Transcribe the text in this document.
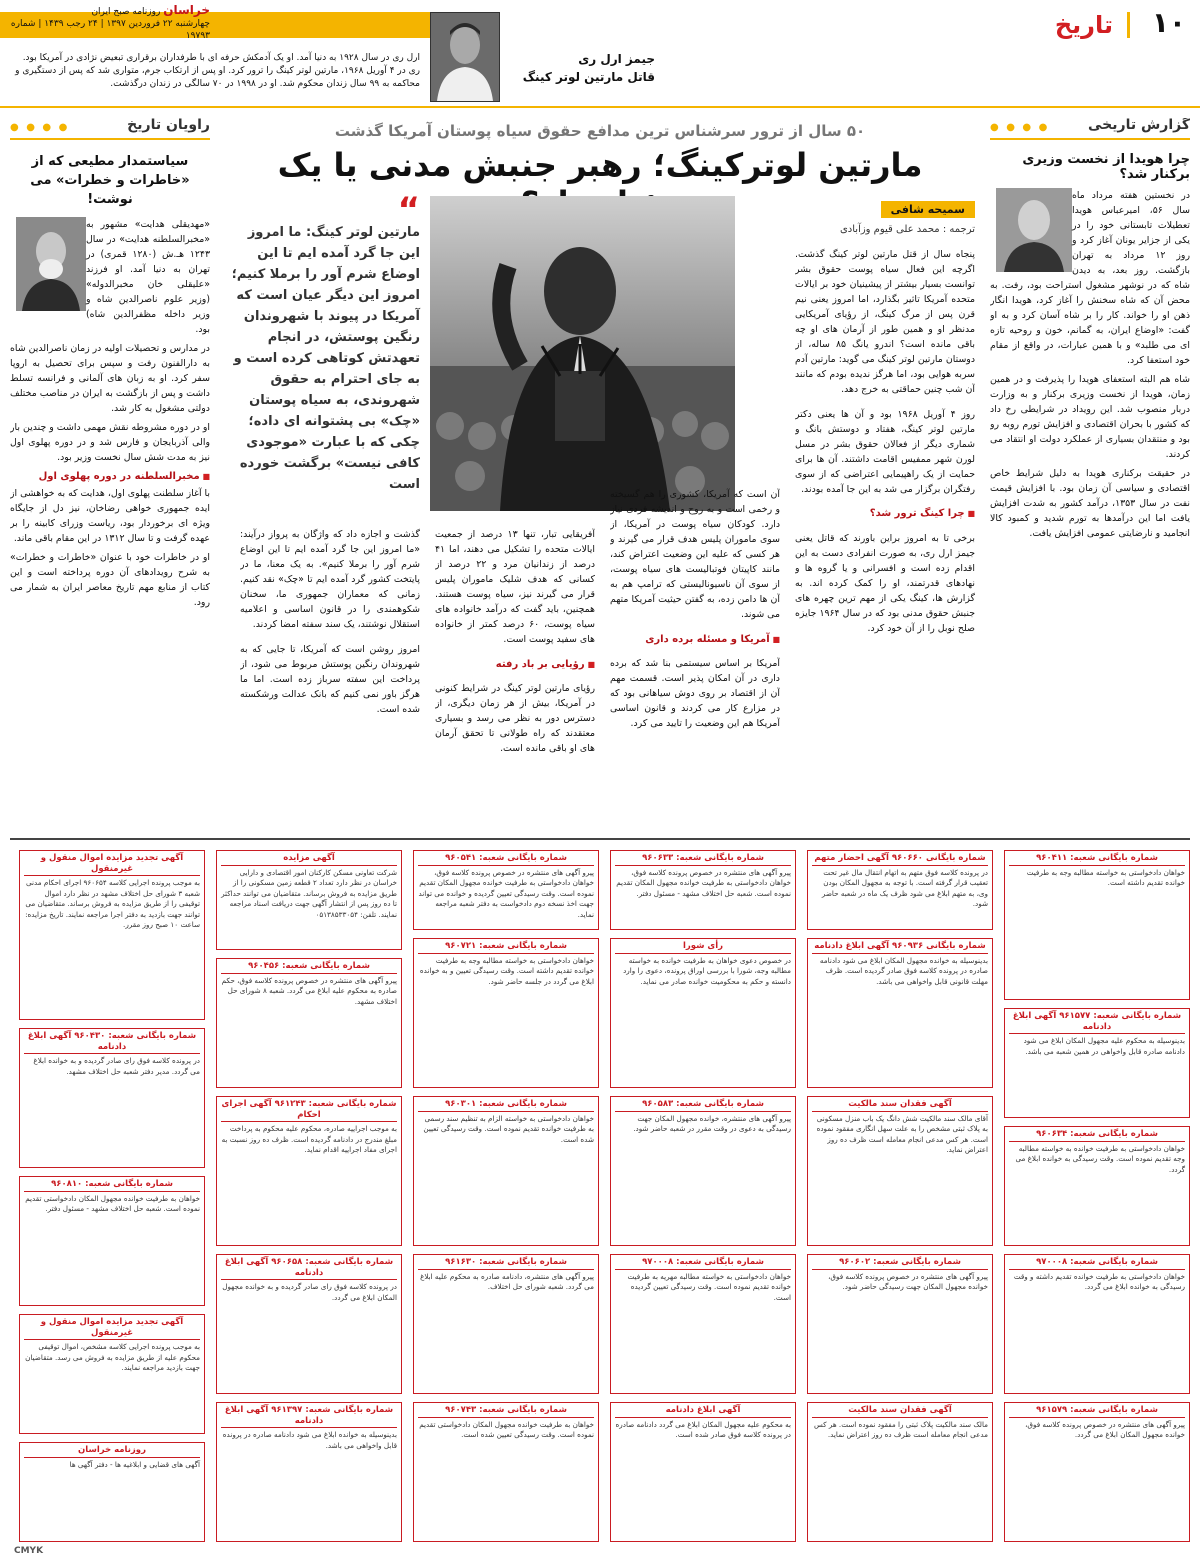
۱۰
تاریخ
خراسان روزنامه صبح ایران
چهارشنبه ۲۲ فروردین ۱۳۹۷ | ۲۴ رجب ۱۴۳۹ | شماره ۱۹۷۹۳
جیمز ارل ری
قاتل مارتین لوتر کینگ
ارل ری در سال ۱۹۲۸ به دنیا آمد. او یک آدمکش حرفه ای با طرفداران برقراری تبعیض نژادی در آمریکا بود. ری در ۴ آوریل ۱۹۶۸، مارتین لوتر کینگ را ترور کرد. او پس از ارتکاب جرم، متواری شد که پس از دستگیری و محاکمه به ۹۹ سال زندان محکوم شد. او در ۱۹۹۸ در ۷۰ سالگی در زندان درگذشت.
گزارش تاریخی
● ● ● ●
چرا هویدا از نخست وزیری برکنار شد؟

در نخستین هفته مرداد ماه سال ۵۶، امیرعباس هویدا تعطیلات تابستانی خود را در یکی از جزایر یونان آغاز کرد و روز ۱۲ مرداد به تهران بازگشت. روز بعد، به دیدن شاه که در نوشهر مشغول استراحت بود، رفت. به محض آن که شاه سخنش را آغاز کرد، هویدا انگار ذهن او را خواند. کار را بر شاه آسان کرد و به او گفت: «اوضاع ایران، به گمانم، خون و روحیه تازه ای می طلبد» و با همین عبارات، در واقع از مقام خود استعفا کرد.

شاه هم البته استعفای هویدا را پذیرفت و در همین زمان، هویدا از نخست وزیری برکنار و به وزارت دربار منصوب شد. این رویداد در شرایطی رخ داد که کشور با بحران اقتصادی و افزایش تورم روبه رو بود و منتقدان بسیاری از عملکرد دولت او انتقاد می کردند.

در حقیقت برکناری هویدا به دلیل شرایط خاص اقتصادی و سیاسی آن زمان بود. با افزایش قیمت نفت در سال ۱۳۵۳، درآمد کشور به شدت افزایش یافت اما این درآمدها به تورم شدید و کمبود کالا انجامید و نارضایتی عمومی افزایش یافت.

راویان تاریخ
● ● ● ●
سیاستمدار مطیعی که از «خاطرات و خطرات» می نوشت!

«مهدیقلی هدایت» مشهور به «مخبرالسلطنه هدایت» در سال ۱۲۴۳ هـ.ش (۱۲۸۰ قمری) در تهران به دنیا آمد. او فرزند «علیقلی خان مخبرالدوله» (وزیر علوم ناصرالدین شاه و وزیر داخله مظفرالدین شاه) بود.

در مدارس و تحصیلات اولیه در زمان ناصرالدین شاه به دارالفنون رفت و سپس برای تحصیل به اروپا سفر کرد. او به زبان های آلمانی و فرانسه تسلط داشت و پس از بازگشت به ایران در مناصب مختلف دولتی مشغول به کار شد.

او در دوره مشروطه نقش مهمی داشت و چندین بار والی آذربایجان و فارس شد و در دوره پهلوی اول نیز به مدت شش سال نخست وزیر بود.

■ مخبرالسلطنه در دوره پهلوی اول

با آغاز سلطنت پهلوی اول، هدایت که به خواهشی از ایده جمهوری خواهی رضاخان، نیز دل از جایگاه ویژه ای برخوردار بود، ریاست وزرای کابینه را بر عهده گرفت و تا سال ۱۳۱۲ در این مقام باقی ماند.

او در خاطرات خود با عنوان «خاطرات و خطرات» به شرح رویدادهای آن دوره پرداخته است و این کتاب از منابع مهم تاریخ معاصر ایران به شمار می رود.

۵۰ سال از ترور سرشناس ترین مدافع حقوق سیاه پوستان آمریکا گذشت
مارتین لوترکینگ؛ رهبر جنبش مدنی یا یک
سمیحه شافی
ترجمه : محمد علی قیوم وزآبادی
“
مارتین لوتر کینگ: ما امروز این جا گرد آمده ایم تا این اوضاع شرم آور را برملا کنیم؛ امروز این دیگر عیان است که آمریکا در پیوند با شهروندان رنگین پوستش، در انجام تعهدتش کوتاهی کرده است و به جای احترام به حقوق شهروندی، به سیاه پوستان «چک» بی پشتوانه ای داده؛ چکی که با عبارت «موجودی کافی نیست» برگشت خورده است

پنجاه سال از قتل مارتین لوتر کینگ گذشت. اگرچه این فعال سیاه پوست حقوق بشر توانست بسیار بیشتر از پیشینیان خود بر ایالات متحده آمریکا تاثیر بگذارد، اما امروز یعنی نیم قرن پس از مرگ کینگ، از رؤیای آمریکایی مدنظر او و همین طور از آرمان های او چه باقی مانده است؟ اندرو یانگ ۸۵ ساله، از دوستان مارتین لوتر کینگ می گوید: مارتین آدم سربه هوایی بود، اما هرگز ندیده بودم که مانند آن شب چنین حماقتی به خرج دهد.

روز ۴ آوریل ۱۹۶۸ بود و آن ها یعنی دکتر مارتین لوتر کینگ، هفتاد و دوستش بانگ و شماری دیگر از فعالان حقوق بشر در مسل لورن شهر ممفیس اقامت داشتند. آن ها برای حمایت از یک راهپیمایی اعتراضی که از سوی رفتگران برگزار می شد به این جا آمده بودند.

■ چرا کینگ ترور شد؟

برخی تا به امروز براین باورند که قاتل یعنی جیمز ارل ری، به صورت انفرادی دست به این اقدام زده است و افسرانی و یا گروه ها و نهادهای قدرتمند، او را کمک کرده اند. به گزارش ها، کینگ یکی از مهم ترین چهره های جنبش حقوق مدنی بود که در سال ۱۹۶۴ جایزه صلح نوبل را از آن خود کرد.

آن است که آمریکا، کشوری را هم گسیخته و رخمی است و به روح و اندیشه فردی نیاز دارد. کودکان سیاه پوست در آمریکا، از سوی ماموران پلیس هدف قرار می گیرند و هر کسی که علیه این وضعیت اعتراض کند، مانند کاپیتان فوتبالیست های سیاه پوست، از سوی آن ناسیونالیستی که ترامپ هم به آن ها دامن زده، به گفتن حیثیت آمریکا متهم می شوند.

■ آمریکا و مسئله برده داری

آمریکا بر اساس سیستمی بنا شد که برده داری در آن امکان پذیر است. قسمت مهم آن از اقتصاد بر روی دوش سیاهانی بود که در مزارع کار می کردند و قانون اساسی آمریکا هم این وضعیت را تایید می کرد.

آفریقایی تبار، تنها ۱۳ درصد از جمعیت ایالات متحده را تشکیل می دهند، اما ۴۱ درصد از زندانیان مرد و ۲۲ درصد از کسانی که هدف شلیک ماموران پلیس قرار می گیرند نیز، سیاه پوست هستند. همچنین، باید گفت که درآمد خانواده های سیاه پوست، ۶۰ درصد کمتر از خانواده های سفید پوست است.

■ رؤیایی بر باد رفته

رؤیای مارتین لوتر کینگ در شرایط کنونی در آمریکا، بیش از هر زمان دیگری، از دسترس دور به نظر می رسد و بسیاری معتقدند که راه طولانی تا تحقق آرمان های او باقی مانده است.

گذشت و اجازه داد که واژگان به پرواز درآیند: «ما امروز این جا گرد آمده ایم تا این اوضاع شرم آور را برملا کنیم». به یک معنا، ما در پایتخت کشور گرد آمده ایم تا «چک» نقد کنیم. زمانی که معماران جمهوری ما، سخنان شکوهمندی را در قانون اساسی و اعلامیه استقلال نوشتند، یک سند سفته امضا کردند.

امروز روشن است که آمریکا، تا جایی که به شهروندان رنگین پوستش مربوط می شود، از پرداخت این سفته سرباز زده است. اما ما هرگز باور نمی کنیم که بانک عدالت ورشکسته شده است.

شماره بایگانی شعبه: ۹۶۰۴۱۱
خواهان دادخواستی به خواسته مطالبه وجه به طرفیت خوانده تقدیم داشته است.
شماره بایگانی ۹۶۰۶۶۰ آگهی احضار متهم
در پرونده کلاسه فوق متهم به اتهام انتقال مال غیر تحت تعقیب قرار گرفته است. با توجه به مجهول المکان بودن وی، به متهم ابلاغ می شود ظرف یک ماه در شعبه حاضر شود.
شماره بایگانی شعبه: ۹۶۰۶۳۳
پیرو آگهی های منتشره در خصوص پرونده کلاسه فوق، خواهان دادخواستی به طرفیت خوانده مجهول المکان تقدیم نموده است. شعبه حل اختلاف مشهد - مسئول دفتر.
شماره بایگانی شعبه: ۹۶۰۵۴۱
پیرو آگهی های منتشره در خصوص پرونده کلاسه فوق، خواهان دادخواستی به طرفیت خوانده مجهول المکان تقدیم نموده است. وقت رسیدگی تعیین گردیده و خوانده می تواند جهت اخذ نسخه دوم دادخواست به دفتر شعبه مراجعه نماید.
آگهی مزایده
شرکت تعاونی مسکن کارکنان امور اقتصادی و دارایی خراسان در نظر دارد تعداد ۲ قطعه زمین مسکونی را از طریق مزایده به فروش برساند. متقاضیان می توانند حداکثر تا ده روز پس از انتشار آگهی جهت دریافت اسناد مراجعه نمایند. تلفن: ۰۵۱۳۸۵۳۳۰۵۴
آگهی تجدید مزایده اموال منقول و غیرمنقول
به موجب پرونده اجرایی کلاسه ۹۶۰۶۵۴ اجرای احکام مدنی شعبه ۳ شورای حل اختلاف مشهد در نظر دارد اموال توقیفی را از طریق مزایده به فروش برساند. متقاضیان می توانند جهت بازدید به دفتر اجرا مراجعه نمایند. تاریخ مزایده: ساعت ۱۰ صبح روز مقرر.
شماره بایگانی ۹۶۰۹۳۶ آگهی ابلاغ دادنامه
بدینوسیله به خوانده مجهول المکان ابلاغ می شود دادنامه صادره در پرونده کلاسه فوق صادر گردیده است. ظرف مهلت قانونی قابل واخواهی می باشد.
رأی شورا
در خصوص دعوی خواهان به طرفیت خوانده به خواسته مطالبه وجه، شورا با بررسی اوراق پرونده، دعوی را وارد دانسته و حکم به محکومیت خوانده صادر می نماید.
شماره بایگانی شعبه: ۹۶۰۷۲۱
خواهان دادخواستی به خواسته مطالبه وجه به طرفیت خوانده تقدیم داشته است. وقت رسیدگی تعیین و به خوانده ابلاغ می گردد در جلسه حاضر شود.
شماره بایگانی شعبه: ۹۶۰۴۵۶
پیرو آگهی های منتشره در خصوص پرونده کلاسه فوق، حکم صادره به محکوم علیه ابلاغ می گردد. شعبه ۸ شورای حل اختلاف مشهد.
شماره بایگانی شعبه: ۹۶۱۵۷۷ آگهی ابلاغ دادنامه
بدینوسیله به محکوم علیه مجهول المکان ابلاغ می شود دادنامه صادره قابل واخواهی در همین شعبه می باشد.
شماره بایگانی شعبه: ۹۶۰۴۳۰ آگهی ابلاغ دادنامه
در پرونده کلاسه فوق رای صادر گردیده و به خوانده ابلاغ می گردد. مدیر دفتر شعبه حل اختلاف مشهد.
آگهی فقدان سند مالکیت
آقای مالک سند مالکیت شش دانگ یک باب منزل مسکونی به پلاک ثبتی مشخص را به علت سهل انگاری مفقود نموده است. هر کس مدعی انجام معامله است ظرف ده روز اعتراض نماید.
شماره بایگانی شعبه: ۹۶۰۵۸۳
پیرو آگهی های منتشره، خوانده مجهول المکان جهت رسیدگی به دعوی در وقت مقرر در شعبه حاضر شود.
شماره بایگانی شعبه: ۹۶۰۳۰۱
خواهان دادخواستی به خواسته الزام به تنظیم سند رسمی به طرفیت خوانده تقدیم نموده است. وقت رسیدگی تعیین شده است.
شماره بایگانی شعبه: ۹۶۱۲۴۳ آگهی اجرای احکام
به موجب اجراییه صادره، محکوم علیه محکوم به پرداخت مبلغ مندرج در دادنامه گردیده است. ظرف ده روز نسبت به اجرای مفاد اجراییه اقدام نماید.
شماره بایگانی شعبه: ۹۶۰۶۳۴
خواهان دادخواستی به طرفیت خوانده به خواسته مطالبه وجه تقدیم نموده است. وقت رسیدگی به خوانده ابلاغ می گردد.
شماره بایگانی شعبه: ۹۶۰۸۱۰
خواهان به طرفیت خوانده مجهول المکان دادخواستی تقدیم نموده است. شعبه حل اختلاف مشهد - مسئول دفتر.
شماره بایگانی شعبه: ۹۷۰۰۰۸
خواهان دادخواستی به طرفیت خوانده تقدیم داشته و وقت رسیدگی به خوانده ابلاغ می گردد.
شماره بایگانی شعبه: ۹۶۰۶۰۲
پیرو آگهی های منتشره در خصوص پرونده کلاسه فوق، خوانده مجهول المکان جهت رسیدگی حاضر شود.
شماره بایگانی شعبه: ۹۷۰۰۰۸
خواهان دادخواستی به خواسته مطالبه مهریه به طرفیت خوانده تقدیم نموده است. وقت رسیدگی تعیین گردیده است.
شماره بایگانی شعبه: ۹۶۱۶۳۰
پیرو آگهی های منتشره، دادنامه صادره به محکوم علیه ابلاغ می گردد. شعبه شورای حل اختلاف.
شماره بایگانی شعبه: ۹۶۰۶۵۸ آگهی ابلاغ دادنامه
در پرونده کلاسه فوق رای صادر گردیده و به خوانده مجهول المکان ابلاغ می گردد.
آگهی تجدید مزایده اموال منقول و غیرمنقول
به موجب پرونده اجرایی کلاسه مشخص، اموال توقیفی محکوم علیه از طریق مزایده به فروش می رسد. متقاضیان جهت بازدید مراجعه نمایند.
شماره بایگانی شعبه: ۹۶۱۵۷۹
پیرو آگهی های منتشره در خصوص پرونده کلاسه فوق، خوانده مجهول المکان ابلاغ می گردد.
آگهی فقدان سند مالکیت
مالک سند مالکیت پلاک ثبتی را مفقود نموده است. هر کس مدعی انجام معامله است ظرف ده روز اعتراض نماید.
آگهی ابلاغ دادنامه
به محکوم علیه مجهول المکان ابلاغ می گردد دادنامه صادره در پرونده کلاسه فوق صادر شده است.
شماره بایگانی شعبه: ۹۶۰۷۴۳
خواهان به طرفیت خوانده مجهول المکان دادخواستی تقدیم نموده است. وقت رسیدگی تعیین شده است.
شماره بایگانی شعبه: ۹۶۱۳۹۷ آگهی ابلاغ دادنامه
بدینوسیله به خوانده ابلاغ می شود دادنامه صادره در پرونده قابل واخواهی می باشد.
روزنامه خراسان
آگهی های قضایی و ابلاغیه ها - دفتر آگهی ها
CMYK
